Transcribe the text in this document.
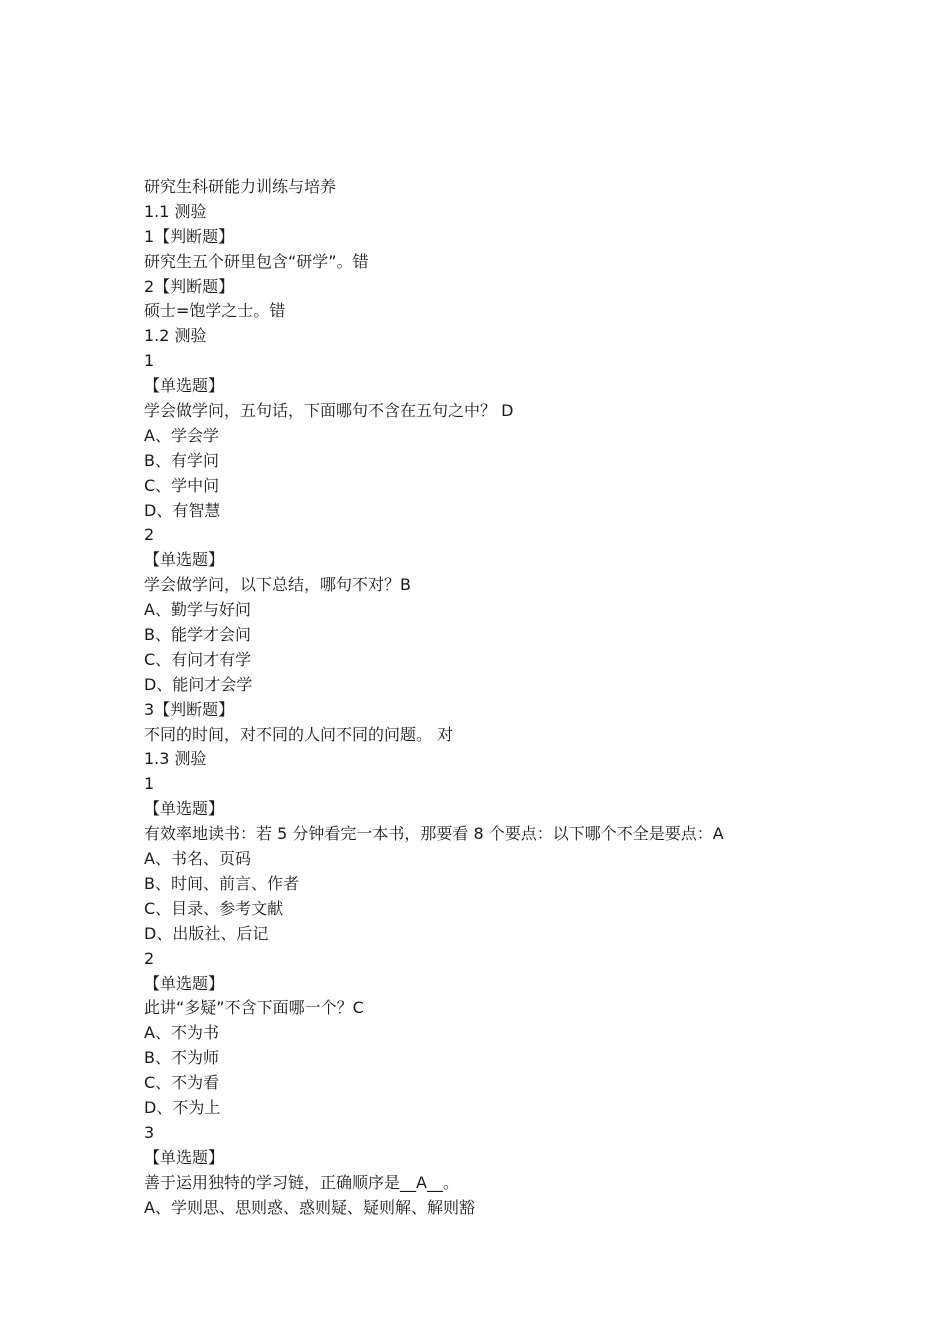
研究生科研能力训练与培养
1.1 测验
1【判断题】
研究生五个研里包含“研学”。错
2【判断题】
硕士=饱学之士。错
1.2 测验
1
【单选题】
学会做学问，五句话，下面哪句不含在五句之中？ D
A、学会学
B、有学问
C、学中问
D、有智慧
2
【单选题】
学会做学问，以下总结，哪句不对？B
A、勤学与好问
B、能学才会问
C、有问才有学
D、能问才会学
3【判断题】
不同的时间，对不同的人问不同的问题。 对
1.3 测验
1
【单选题】
有效率地读书：若 5 分钟看完一本书，那要看 8 个要点：以下哪个不全是要点：A
A、书名、页码
B、时间、前言、作者
C、目录、参考文献
D、出版社、后记
2
【单选题】
此讲“多疑”不含下面哪一个？C
A、不为书
B、不为师
C、不为看
D、不为上
3
【单选题】
善于运用独特的学习链，正确顺序是__A__。
A、学则思、思则惑、惑则疑、疑则解、解则豁
